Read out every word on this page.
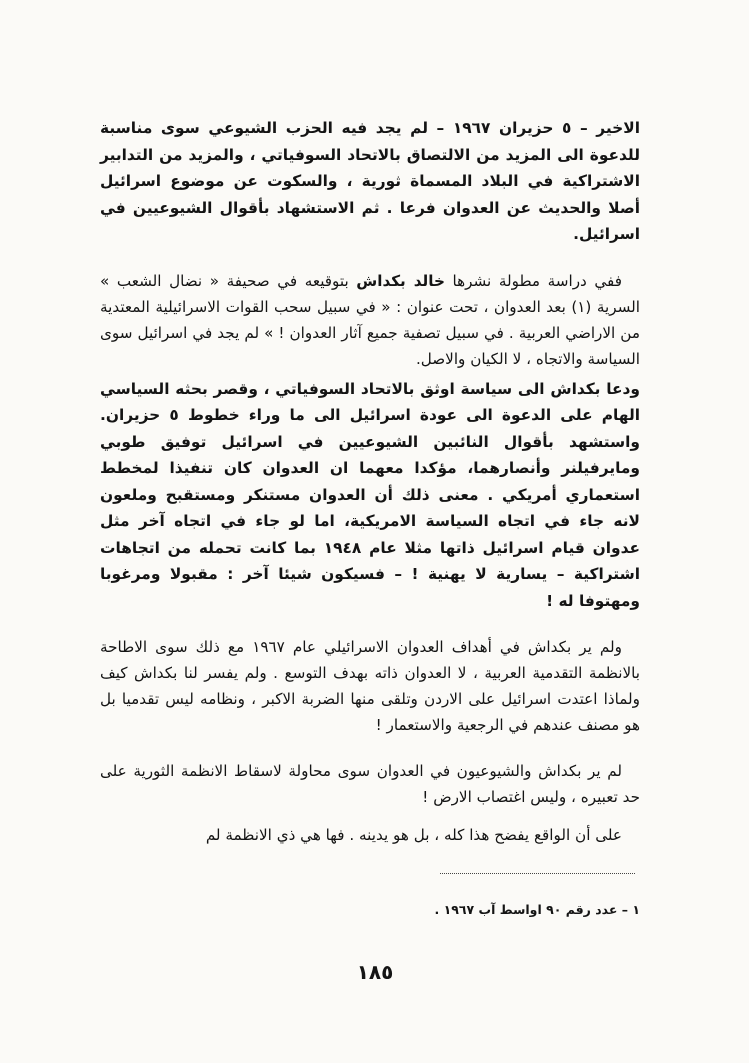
الاخير – ٥ حزيران ١٩٦٧ – لم يجد فيه الحزب الشيوعي سوى مناسبة للدعوة الى المزيد من الالتصاق بالاتحاد السوفياتي ، والمزيد من التدابير الاشتراكية في البلاد المسماة ثورية ، والسكوت عن موضوع اسرائيل أصلا والحديث عن العدوان فرعا . ثم الاستشهاد بأقوال الشيوعيين في اسرائيل.

ففي دراسة مطولة نشرها خالد بكداش بتوقيعه في صحيفة « نضال الشعب » السرية (١) بعد العدوان ، تحت عنوان : « في سبيل سحب القوات الاسرائيلية المعتدية من الاراضي العربية . في سبيل تصفية جميع آثار العدوان ! » لم يجد في اسرائيل سوى السياسة والاتجاه ، لا الكيان والاصل.

ودعا بكداش الى سياسة اوثق بالاتحاد السوفياتي ، وقصر بحثه السياسي الهام على الدعوة الى عودة اسرائيل الى ما وراء خطوط ٥ حزيران. واستشهد بأقوال النائبين الشيوعيين في اسرائيل توفيق طوبي ومايرفيلنر وأنصارهما، مؤكدا معهما ان العدوان كان تنفيذا لمخطط استعماري أمريكي . معنى ذلك أن العدوان مستنكر ومستقبح وملعون لانه جاء في اتجاه السياسة الامريكية، اما لو جاء في اتجاه آخر مثل عدوان قيام اسرائيل ذاتها مثلا عام ١٩٤٨ بما كانت تحمله من اتجاهات اشتراكية – يسارية لا يهنية ! – فسيكون شيئا آخر : مقبولا ومرغوبا ومهتوفا له !

ولم ير بكداش في أهداف العدوان الاسرائيلي عام ١٩٦٧ مع ذلك سوى الاطاحة بالانظمة التقدمية العربية ، لا العدوان ذاته بهدف التوسع . ولم يفسر لنا بكداش كيف ولماذا اعتدت اسرائيل على الاردن وتلقى منها الضربة الاكبر ، ونظامه ليس تقدميا بل هو مصنف عندهم في الرجعية والاستعمار !

لم ير بكداش والشيوعيون في العدوان سوى محاولة لاسقاط الانظمة الثورية على حد تعبيره ، وليس اغتصاب الارض !

على أن الواقع يفضح هذا كله ، بل هو يدينه . فها هي ذي الانظمة لم

١ – عدد رقم ٩٠ اواسط آب ١٩٦٧ .
١٨٥
